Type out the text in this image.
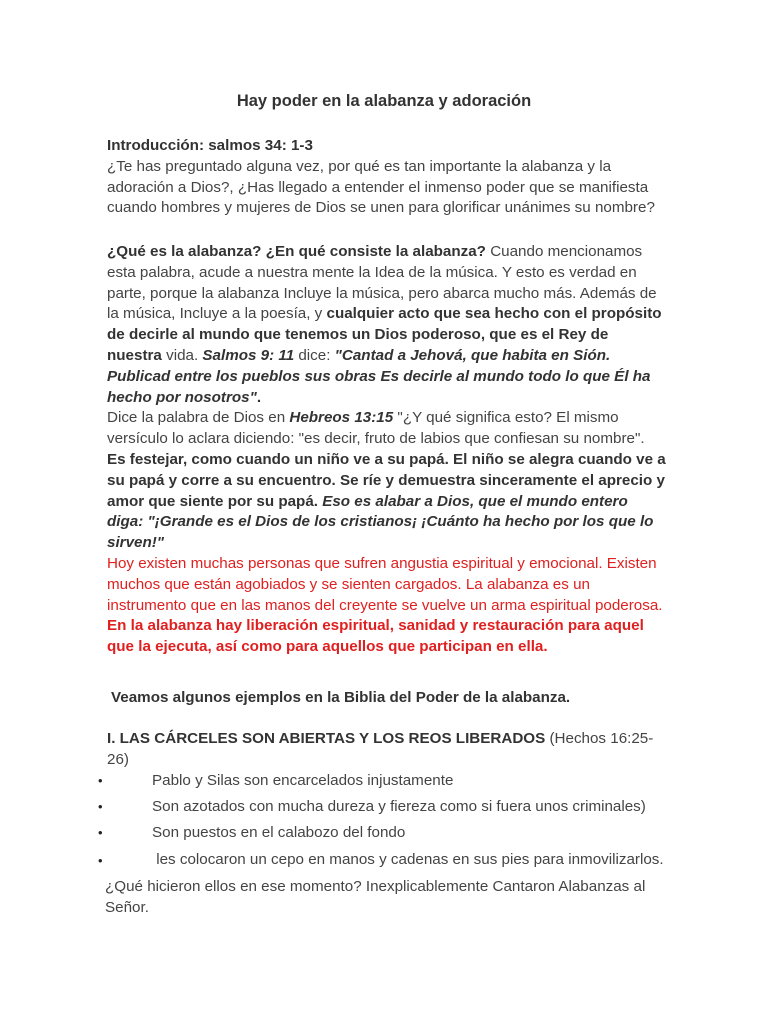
Hay poder en la alabanza y adoración

Introducción: salmos 34: 1-3

¿Te has preguntado alguna vez, por qué es tan importante la alabanza y la adoración a Dios?, ¿Has llegado a entender el inmenso poder que se manifiesta cuando hombres y mujeres de Dios se unen para glorificar unánimes su nombre?

¿Qué es la alabanza? ¿En qué consiste la alabanza? Cuando mencionamos esta palabra, acude a nuestra mente la Idea de la música. Y esto es verdad en parte, porque la alabanza Incluye la música, pero abarca mucho más. Además de la música, Incluye a la poesía, y cualquier acto que sea hecho con el propósito de decirle al mundo que tenemos un Dios poderoso, que es el Rey de nuestra vida. Salmos 9: 11 dice: "Cantad a Jehová, que habita en Sión. Publicad entre los pueblos sus obras Es decirle al mundo todo lo que Él ha hecho por nosotros".

Dice la palabra de Dios en Hebreos 13:15 "¿Y qué significa esto? El mismo versículo lo aclara diciendo: "es decir, fruto de labios que confiesan su nombre". Es festejar, como cuando un niño ve a su papá. El niño se alegra cuando ve a su papá y corre a su encuentro. Se ríe y demuestra sinceramente el aprecio y amor que siente por su papá. Eso es alabar a Dios, que el mundo entero diga: "¡Grande es el Dios de los cristianos¡ ¡Cuánto ha hecho por los que lo sirven!"

Hoy existen muchas personas que sufren angustia espiritual y emocional. Existen muchos que están agobiados y se sienten cargados. La alabanza es un instrumento que en las manos del creyente se vuelve un arma espiritual poderosa.

En la alabanza hay liberación espiritual, sanidad y restauración para aquel que la ejecuta, así como para aquellos que participan en ella.

Veamos algunos ejemplos en la Biblia del Poder de la alabanza.

I. LAS CÁRCELES SON ABIERTAS Y LOS REOS LIBERADOS (Hechos 16:25-26)

•	Pablo y Silas son encarcelados injustamente
•	Son azotados con mucha dureza y fiereza como si fuera unos criminales)
•	Son puestos en el calabozo del fondo
•	les colocaron un cepo en manos y cadenas en sus pies para inmovilizarlos.

¿Qué hicieron ellos en ese momento? Inexplicablemente Cantaron Alabanzas al Señor.
